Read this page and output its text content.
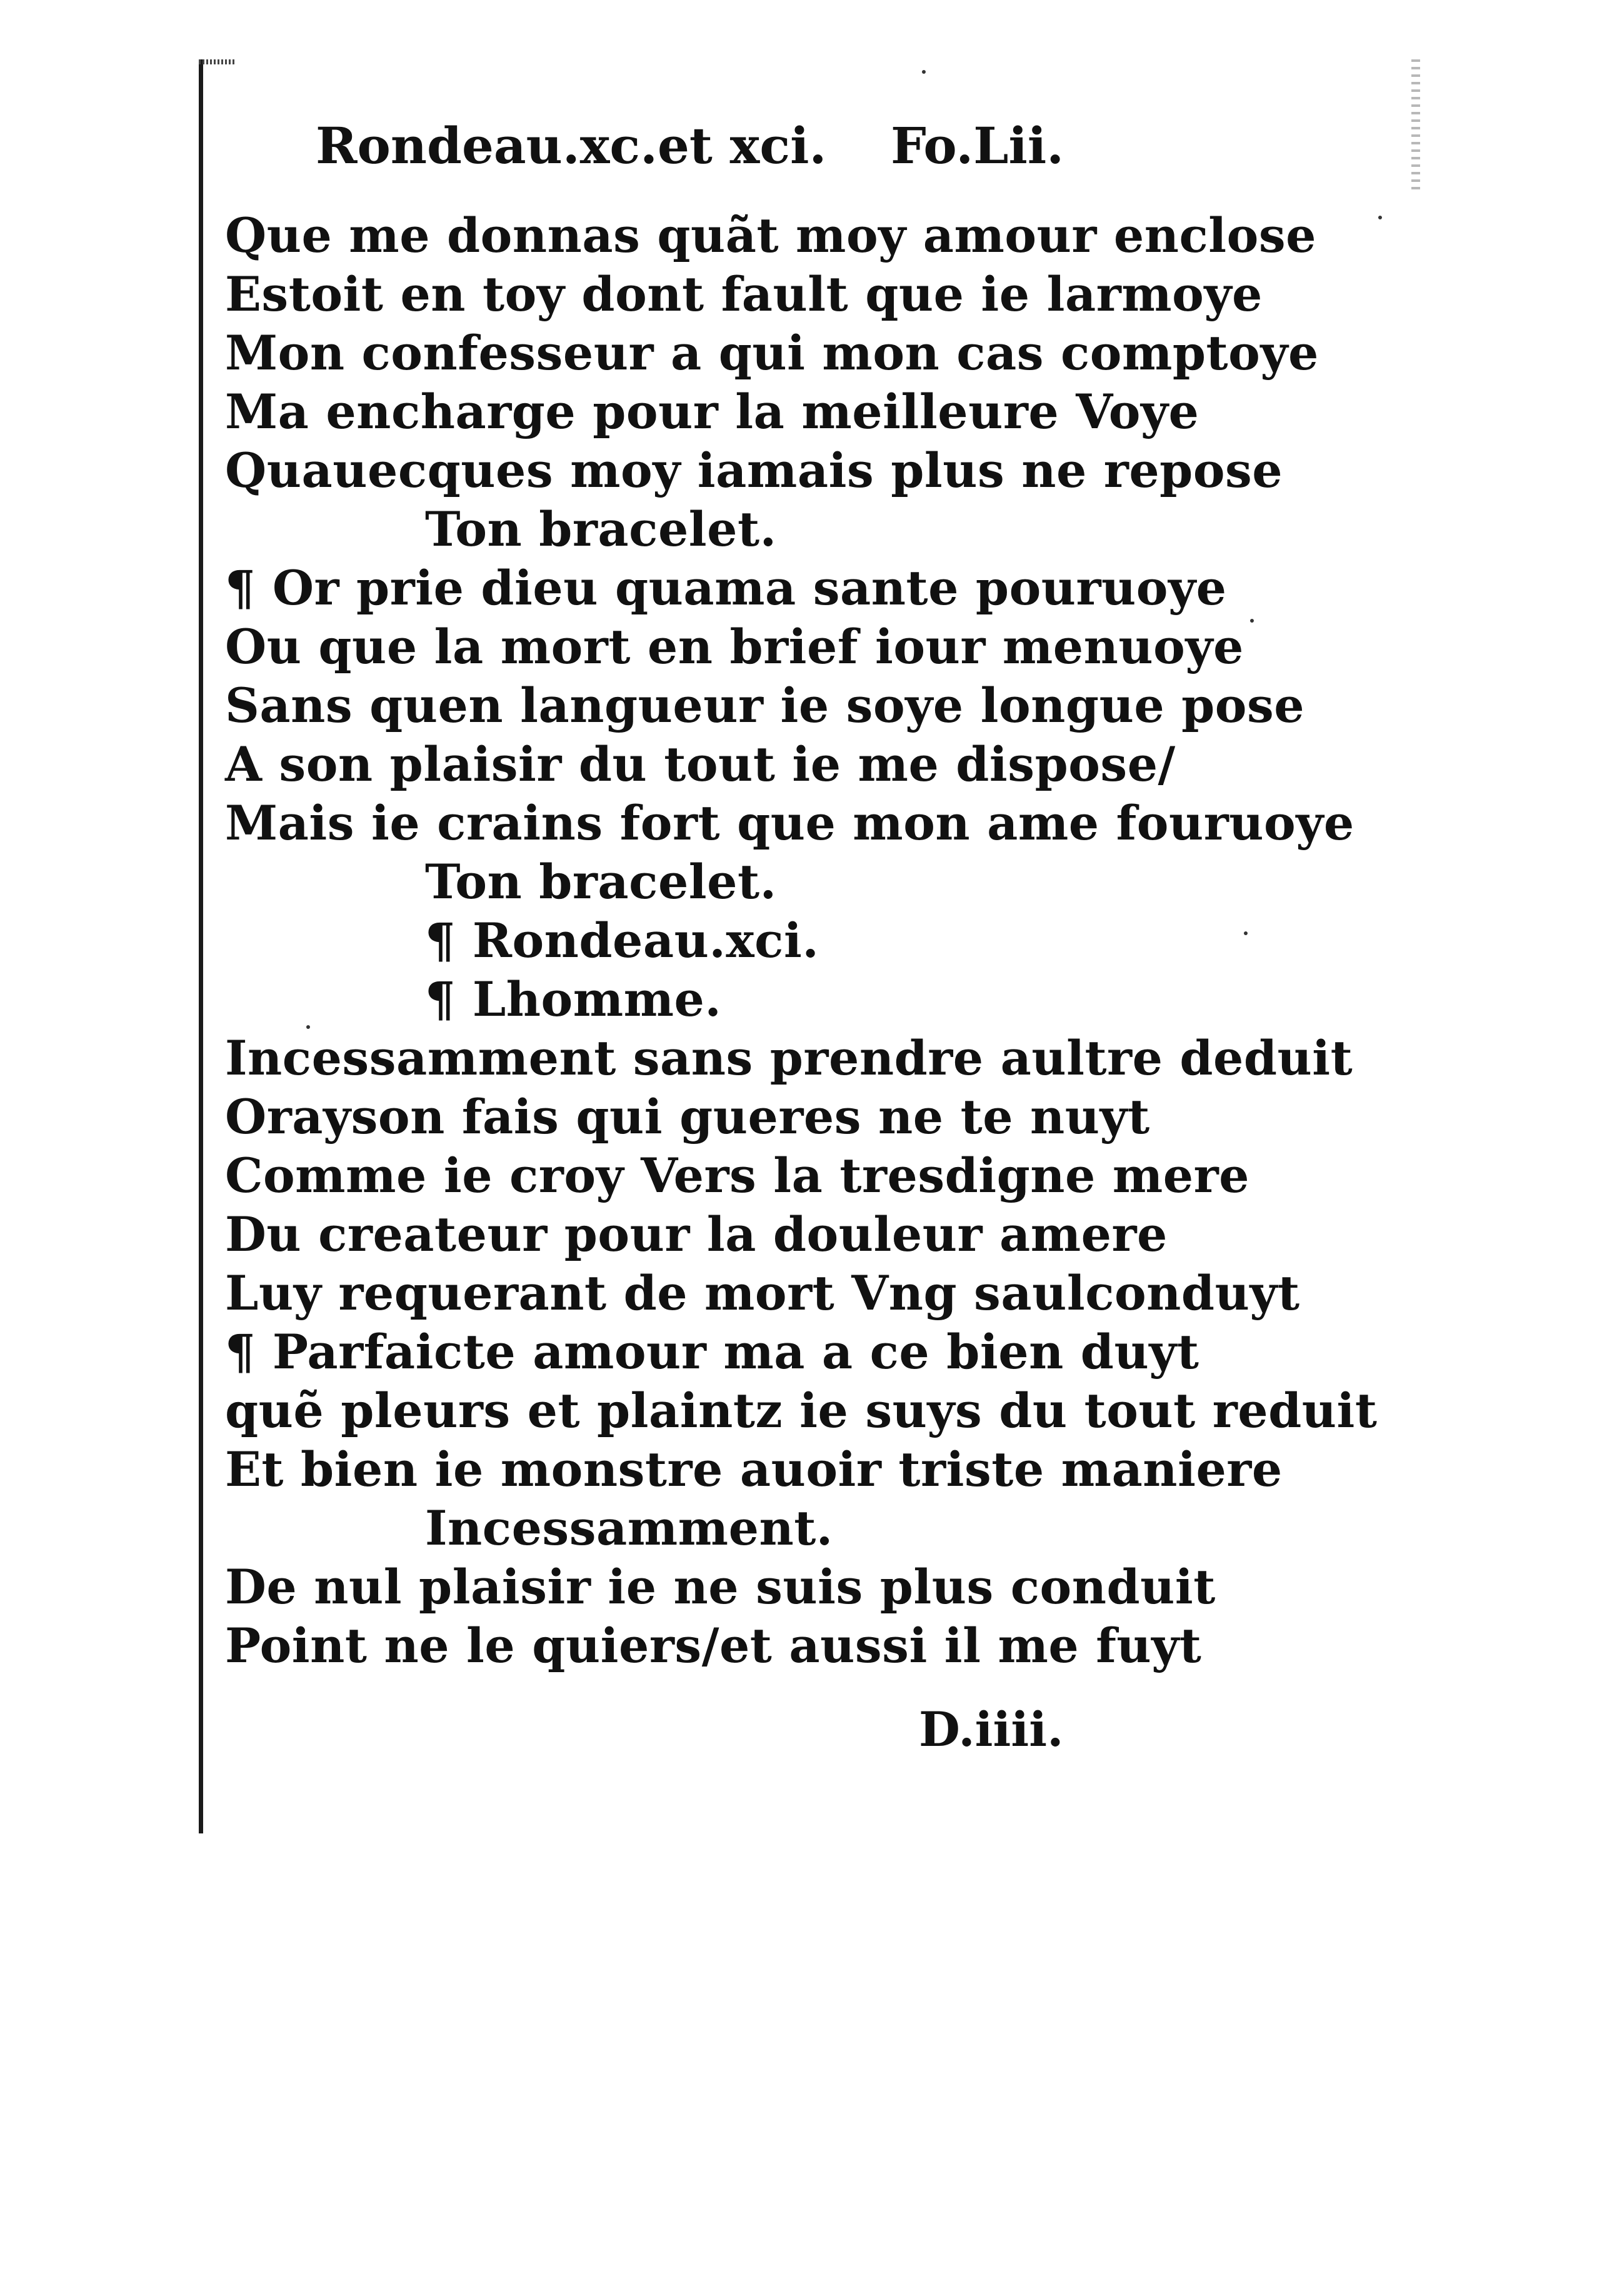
Rondeau.xc.et xci. Fo.Lii.
Que me donnas quãt moy amour enclose
Estoit en toy dont fault que ie larmoye
Mon confesseur a qui mon cas comptoye
Ma encharge pour la meilleure Voye
Quauecques moy iamais plus ne repose
Ton bracelet.
¶ Or prie dieu quama sante pouruoye
Ou que la mort en brief iour menuoye
Sans quen langueur ie soye longue pose
A son plaisir du tout ie me dispose/
Mais ie crains fort que mon ame fouruoye
Ton bracelet.
¶ Rondeau.xci.
¶ Lhomme.
Incessamment sans prendre aultre deduit
Orayson fais qui gueres ne te nuyt
Comme ie croy Vers la tresdigne mere
Du createur pour la douleur amere
Luy requerant de mort Vng saulconduyt
¶ Parfaicte amour ma a ce bien duyt
quẽ pleurs et plaintz ie suys du tout reduit
Et bien ie monstre auoir triste maniere
Incessamment.
De nul plaisir ie ne suis plus conduit
Point ne le quiers/et aussi il me fuyt
D.iiii.
